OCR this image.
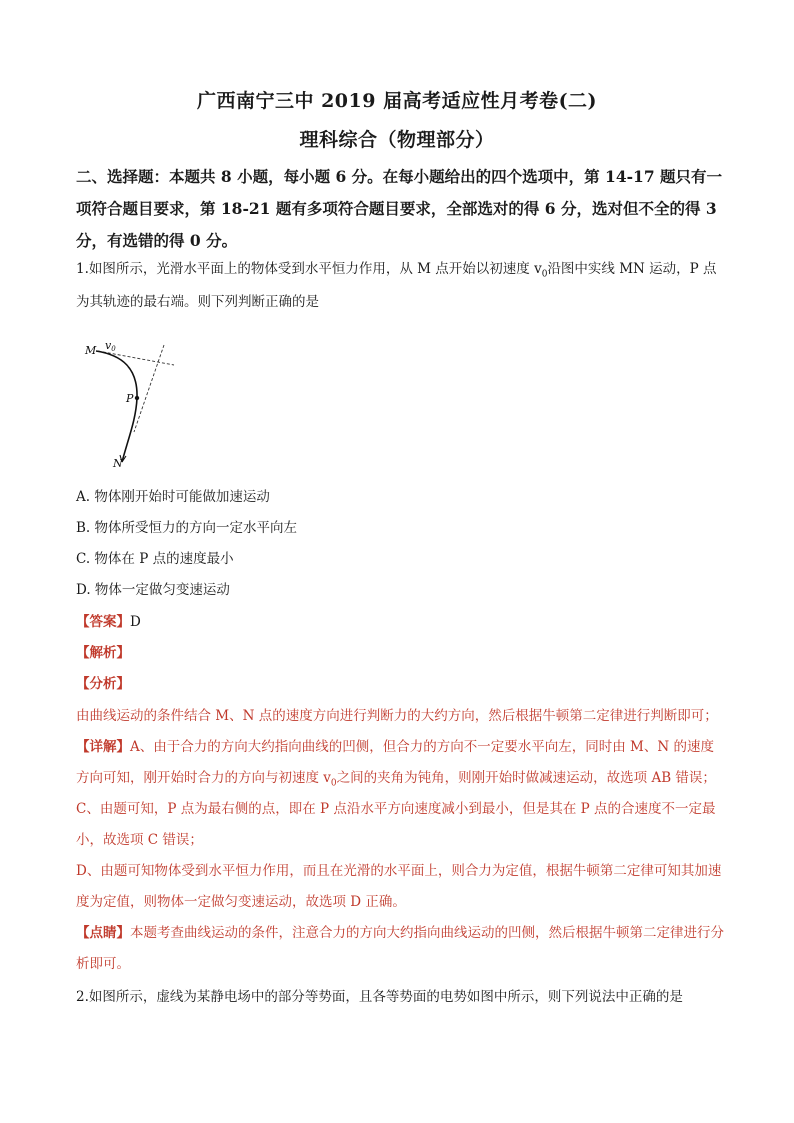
广西南宁三中 2019 届高考适应性月考卷(二)
理科综合（物理部分）
二、选择题：本题共 8 小题，每小题 6 分。在每小题给出的四个选项中，第 14-17 题只有一项符合题目要求，第 18-21 题有多项符合题目要求，全部选对的得 6 分，选对但不全的得 3 分，有选错的得 0 分。
1.如图所示，光滑水平面上的物体受到水平恒力作用，从 M 点开始以初速度 $v_0$沿图中实线 MN 运动，P 点为其轨迹的最右端。则下列判断正确的是
M v0
P
N
A. 物体刚开始时可能做加速运动
B. 物体所受恒力的方向一定水平向左
C. 物体在 P 点的速度最小
D. 物体一定做匀变速运动
【答案】D
【解析】
【分析】
由曲线运动的条件结合 M、N 点的速度方向进行判断力的大约方向，然后根据牛顿第二定律进行判断即可；
【详解】A、由于合力的方向大约指向曲线的凹侧，但合力的方向不一定要水平向左，同时由 M、N 的速度方向可知，刚开始时合力的方向与初速度 $v_0$之间的夹角为钝角，则刚开始时做减速运动，故选项 AB 错误；
C、由题可知，P 点为最右侧的点，即在 P 点沿水平方向速度减小到最小，但是其在 P 点的合速度不一定最小，故选项 C 错误；
D、由题可知物体受到水平恒力作用，而且在光滑的水平面上，则合力为定值，根据牛顿第二定律可知其加速度为定值，则物体一定做匀变速运动，故选项 D 正确。
【点睛】本题考查曲线运动的条件，注意合力的方向大约指向曲线运动的凹侧，然后根据牛顿第二定律进行分析即可。
2.如图所示，虚线为某静电场中的部分等势面，且各等势面的电势如图中所示，则下列说法中正确的是
